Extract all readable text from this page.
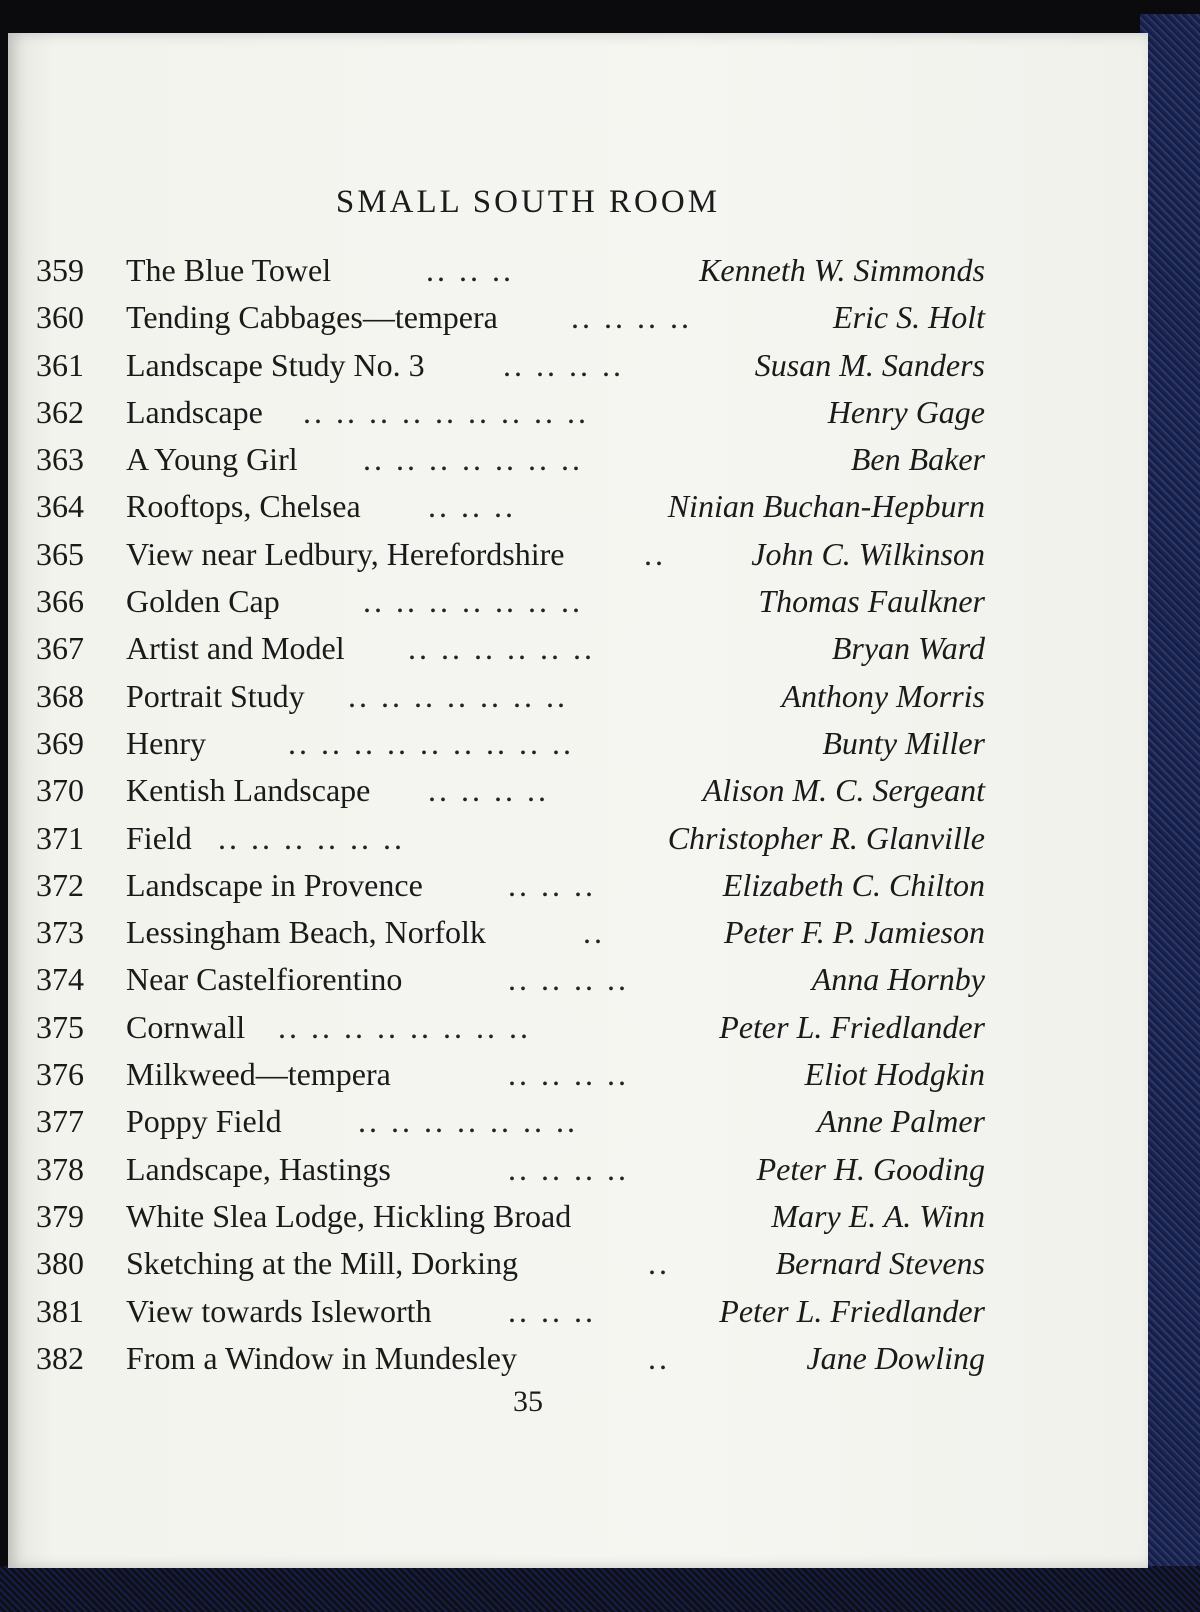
SMALL SOUTH ROOM
359	The Blue Towel	.. .. ..	Kenneth W. Simmonds
360	Tending Cabbages—tempera .. .. .. ..	Eric S. Holt
361	Landscape Study No. 3 .. .. .. ..	Susan M. Sanders
362	Landscape .. .. .. .. .. .. .. .. ..	Henry Gage
363	A Young Girl .. .. .. .. .. .. ..	Ben Baker
364	Rooftops, Chelsea .. .. ..	Ninian Buchan-Hepburn
365	View near Ledbury, Herefordshire ..	John C. Wilkinson
366	Golden Cap	.. .. .. .. .. .. ..	Thomas Faulkner
367	Artist and Model .. .. .. .. .. ..	Bryan Ward
368	Portrait Study .. .. .. .. .. .. ..	Anthony Morris
369	Henry	.. .. .. .. .. .. .. .. ..	Bunty Miller
370	Kentish Landscape .. .. .. ..	Alison M. C. Sergeant
371	Field .. .. .. .. .. ..	Christopher R. Glanville
372	Landscape in Provence	.. .. ..	Elizabeth C. Chilton
373	Lessingham Beach, Norfolk	..	Peter F. P. Jamieson
374	Near Castelfiorentino	.. .. .. ..	Anna Hornby
375	Cornwall .. .. .. .. .. .. .. ..	Peter L. Friedlander
376	Milkweed—tempera	.. .. .. ..	Eliot Hodgkin
377	Poppy Field .. .. .. .. .. .. ..	Anne Palmer
378	Landscape, Hastings	.. .. .. ..	Peter H. Gooding
379	White Slea Lodge, Hickling Broad	Mary E. A. Winn
380	Sketching at the Mill, Dorking	..	Bernard Stevens
381	View towards Isleworth .. .. ..	Peter L. Friedlander
382	From a Window in Mundesley	..	Jane Dowling
35
